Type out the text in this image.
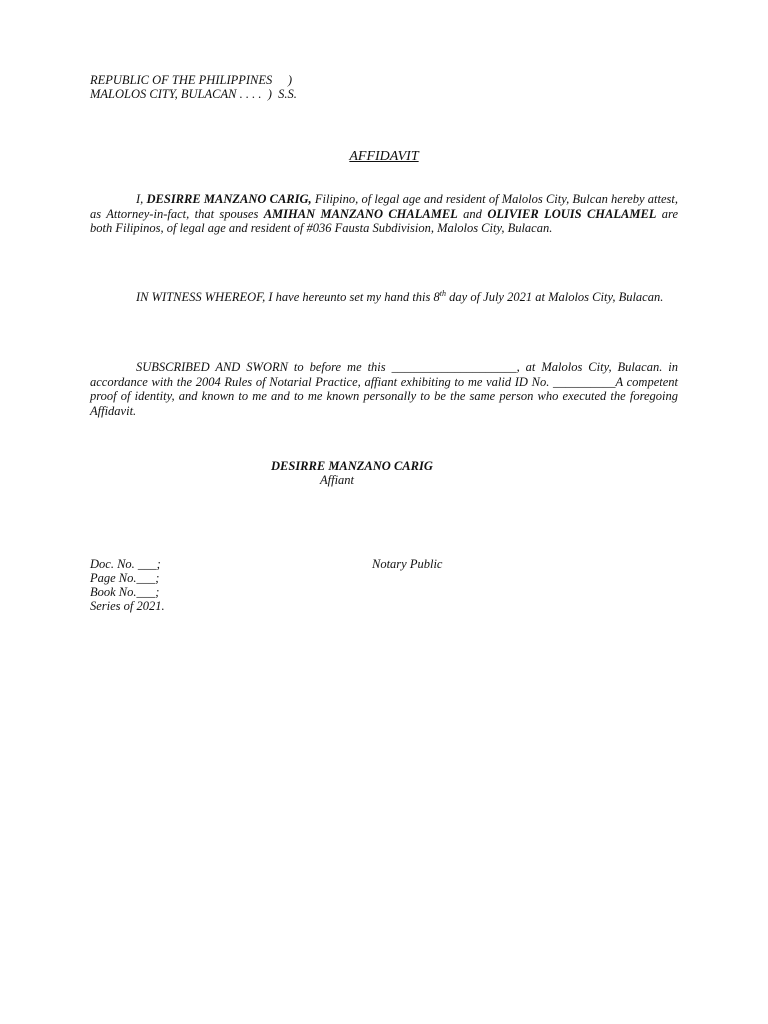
REPUBLIC OF THE PHILIPPINES     )
MALOLOS CITY, BULACAN . . . .  )  S.S.
AFFIDAVIT
I, DESIRRE MANZANO CARIG, Filipino, of legal age and resident of Malolos City, Bulcan hereby attest, as Attorney-in-fact, that spouses AMIHAN MANZANO CHALAMEL and OLIVIER LOUIS CHALAMEL are both Filipinos, of legal age and resident of #036 Fausta Subdivision, Malolos City, Bulacan.
IN WITNESS WHEREOF, I have hereunto set my hand this 8th day of July 2021 at Malolos City, Bulacan.
SUBSCRIBED AND SWORN to before me this ____________________, at Malolos City, Bulacan. in accordance with the 2004 Rules of Notarial Practice, affiant exhibiting to me valid ID No. __________A competent proof of identity, and known to me and to me known personally to be the same person who executed the foregoing Affidavit.
DESIRRE MANZANO CARIG
Affiant
Doc. No. ___;
Page No.___;
Book No.___;
Series of 2021.
Notary Public
